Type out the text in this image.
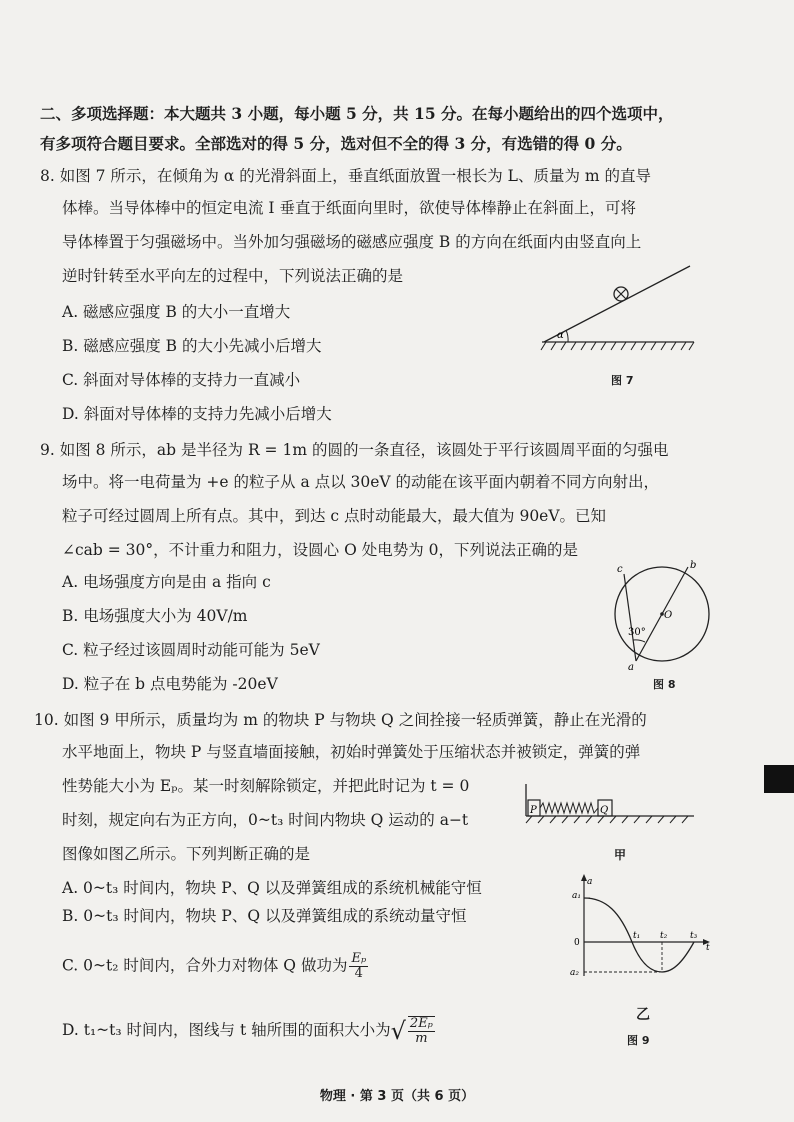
二、多项选择题：本大题共 3 小题，每小题 5 分，共 15 分。在每小题给出的四个选项中，
有多项符合题目要求。全部选对的得 5 分，选对但不全的得 3 分，有选错的得 0 分。
8. 如图 7 所示，在倾角为 α 的光滑斜面上，垂直纸面放置一根长为 L、质量为 m 的直导
体棒。当导体棒中的恒定电流 I 垂直于纸面向里时，欲使导体棒静止在斜面上，可将
导体棒置于匀强磁场中。当外加匀强磁场的磁感应强度 B 的方向在纸面内由竖直向上
逆时针转至水平向左的过程中，下列说法正确的是
A. 磁感应强度 B 的大小一直增大
B. 磁感应强度 B 的大小先减小后增大
C. 斜面对导体棒的支持力一直减小
D. 斜面对导体棒的支持力先减小后增大
α
图 7
9. 如图 8 所示，ab 是半径为 R = 1m 的圆的一条直径，该圆处于平行该圆周平面的匀强电
场中。将一电荷量为 +e 的粒子从 a 点以 30eV 的动能在该平面内朝着不同方向射出，
粒子可经过圆周上所有点。其中，到达 c 点时动能最大，最大值为 90eV。已知
∠cab = 30°，不计重力和阻力，设圆心 O 处电势为 0，下列说法正确的是
A. 电场强度方向是由 a 指向 c
B. 电场强度大小为 40V/m
C. 粒子经过该圆周时动能可能为 5eV
D. 粒子在 b 点电势能为 -20eV
c	b
O
a
30°
图 8
10. 如图 9 甲所示，质量均为 m 的物块 P 与物块 Q 之间拴接一轻质弹簧，静止在光滑的
水平地面上，物块 P 与竖直墙面接触，初始时弹簧处于压缩状态并被锁定，弹簧的弹
性势能大小为 Eₚ。某一时刻解除锁定，并把此时记为 t = 0
时刻，规定向右为正方向，0~t₃ 时间内物块 Q 运动的 a−t
图像如图乙所示。下列判断正确的是
A. 0~t₃ 时间内，物块 P、Q 以及弹簧组成的系统机械能守恒
B. 0~t₃ 时间内，物块 P、Q 以及弹簧组成的系统动量守恒
C. 0~t₂ 时间内，合外力对物体 Q 做功为 $\frac{\text{Eₚ}}{4}$
D. t₁~t₃ 时间内，图线与 t 轴所围的面积大小为√ $\frac{\text{2Eₚ}}{m}$
P	Q
甲
a
a₁
0
a₂
t₁ t₂	t₃
t
乙
图 9
物理 · 第 3 页（共 6 页）
